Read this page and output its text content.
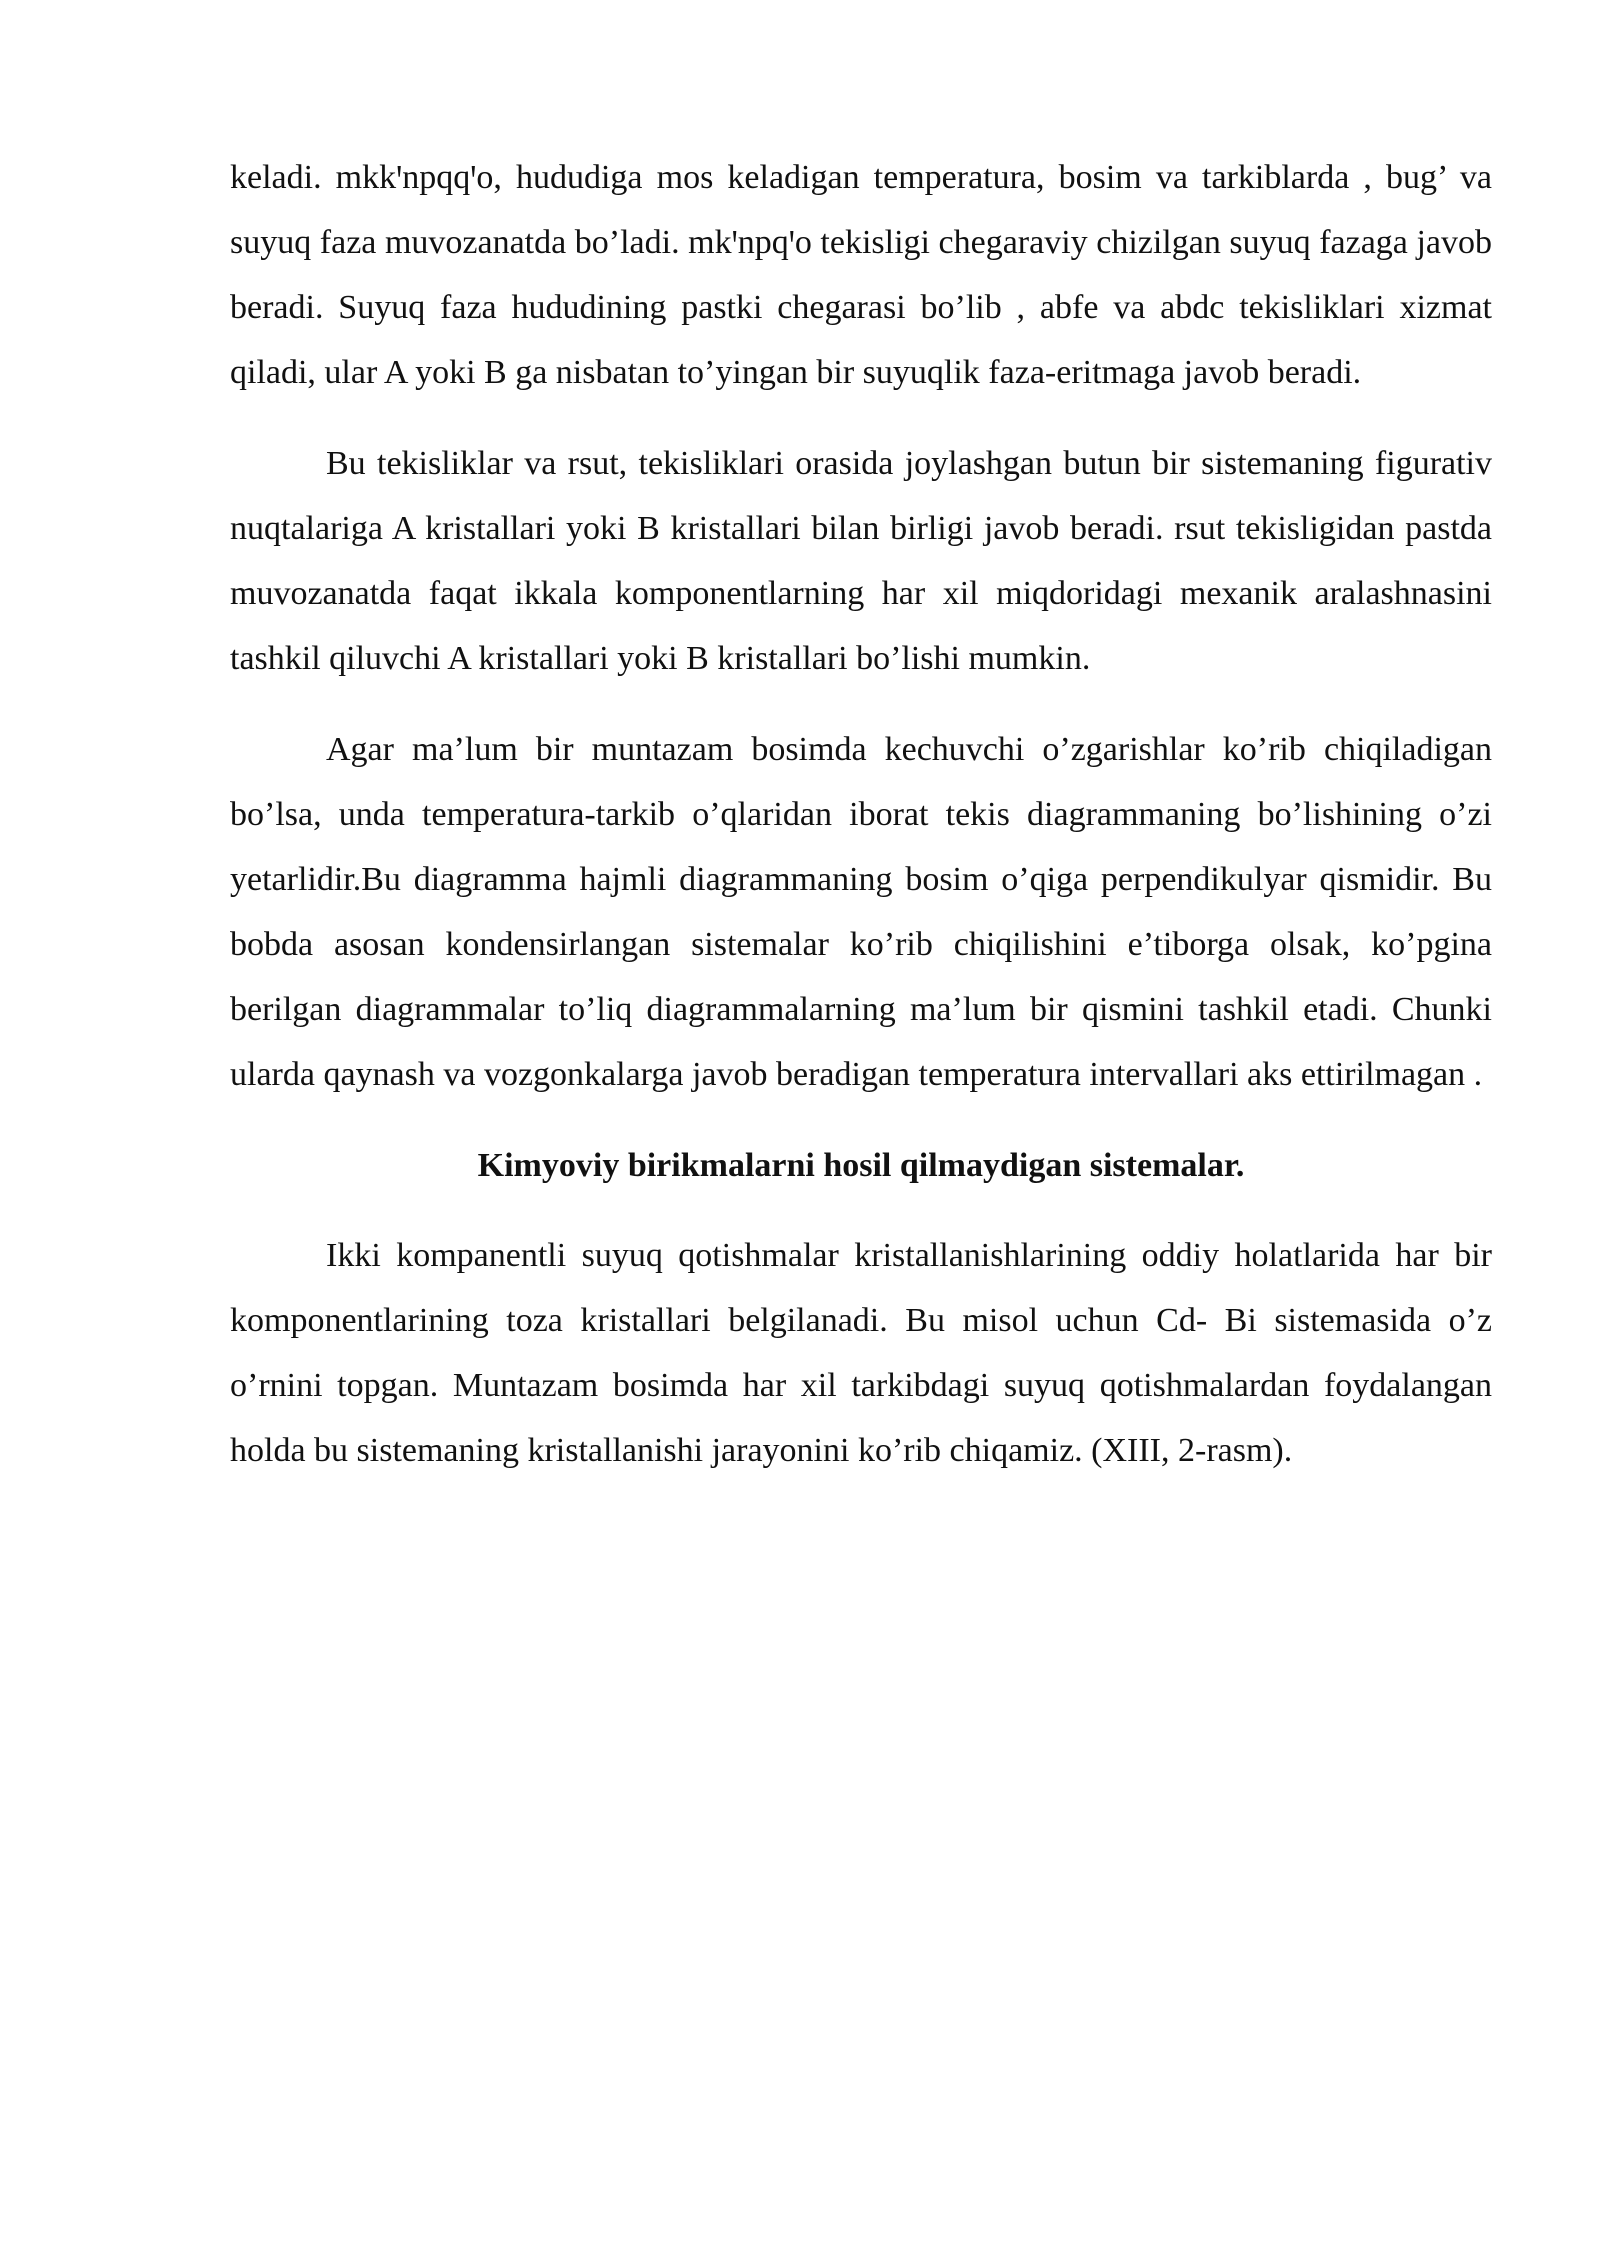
keladi. mkkꞌnpqqꞌo, hududiga mos keladigan temperatura, bosim va tarkiblarda , bug’ va suyuq faza muvozanatda bo’ladi. mkꞌnpqꞌo tekisligi chegaraviy chizilgan suyuq fazaga javob beradi. Suyuq faza hududining pastki chegarasi bo’lib , abfe va abdc tekisliklari xizmat qiladi, ular A yoki B ga nisbatan to’yingan bir suyuqlik faza-eritmaga javob beradi.

Bu tekisliklar va rsut, tekisliklari orasida joylashgan butun bir sistemaning figurativ nuqtalariga A kristallari yoki B kristallari bilan birligi javob beradi. rsut tekisligidan pastda muvozanatda faqat ikkala komponentlarning har xil miqdoridagi mexanik aralashnasini tashkil qiluvchi A kristallari yoki B kristallari bo’lishi mumkin.

Agar ma’lum bir muntazam bosimda kechuvchi o’zgarishlar ko’rib chiqiladigan bo’lsa, unda temperatura-tarkib o’qlaridan iborat tekis diagrammaning bo’lishining o’zi yetarlidir.Bu diagramma hajmli diagrammaning bosim o’qiga perpendikulyar qismidir. Bu bobda asosan kondensirlangan sistemalar ko’rib chiqilishini e’tiborga olsak, ko’pgina berilgan diagrammalar to’liq diagrammalarning ma’lum bir qismini tashkil etadi. Chunki ularda qaynash va vozgonkalarga javob beradigan temperatura intervallari aks ettirilmagan .

Kimyoviy birikmalarni hosil qilmaydigan sistemalar.

Ikki kompanentli suyuq qotishmalar kristallanishlarining oddiy holatlarida har bir komponentlarining toza kristallari belgilanadi. Bu misol uchun Cd- Bi sistemasida o’z o’rnini topgan. Muntazam bosimda har xil tarkibdagi suyuq qotishmalardan foydalangan holda bu sistemaning kristallanishi jarayonini ko’rib chiqamiz. (XIII, 2-rasm).
